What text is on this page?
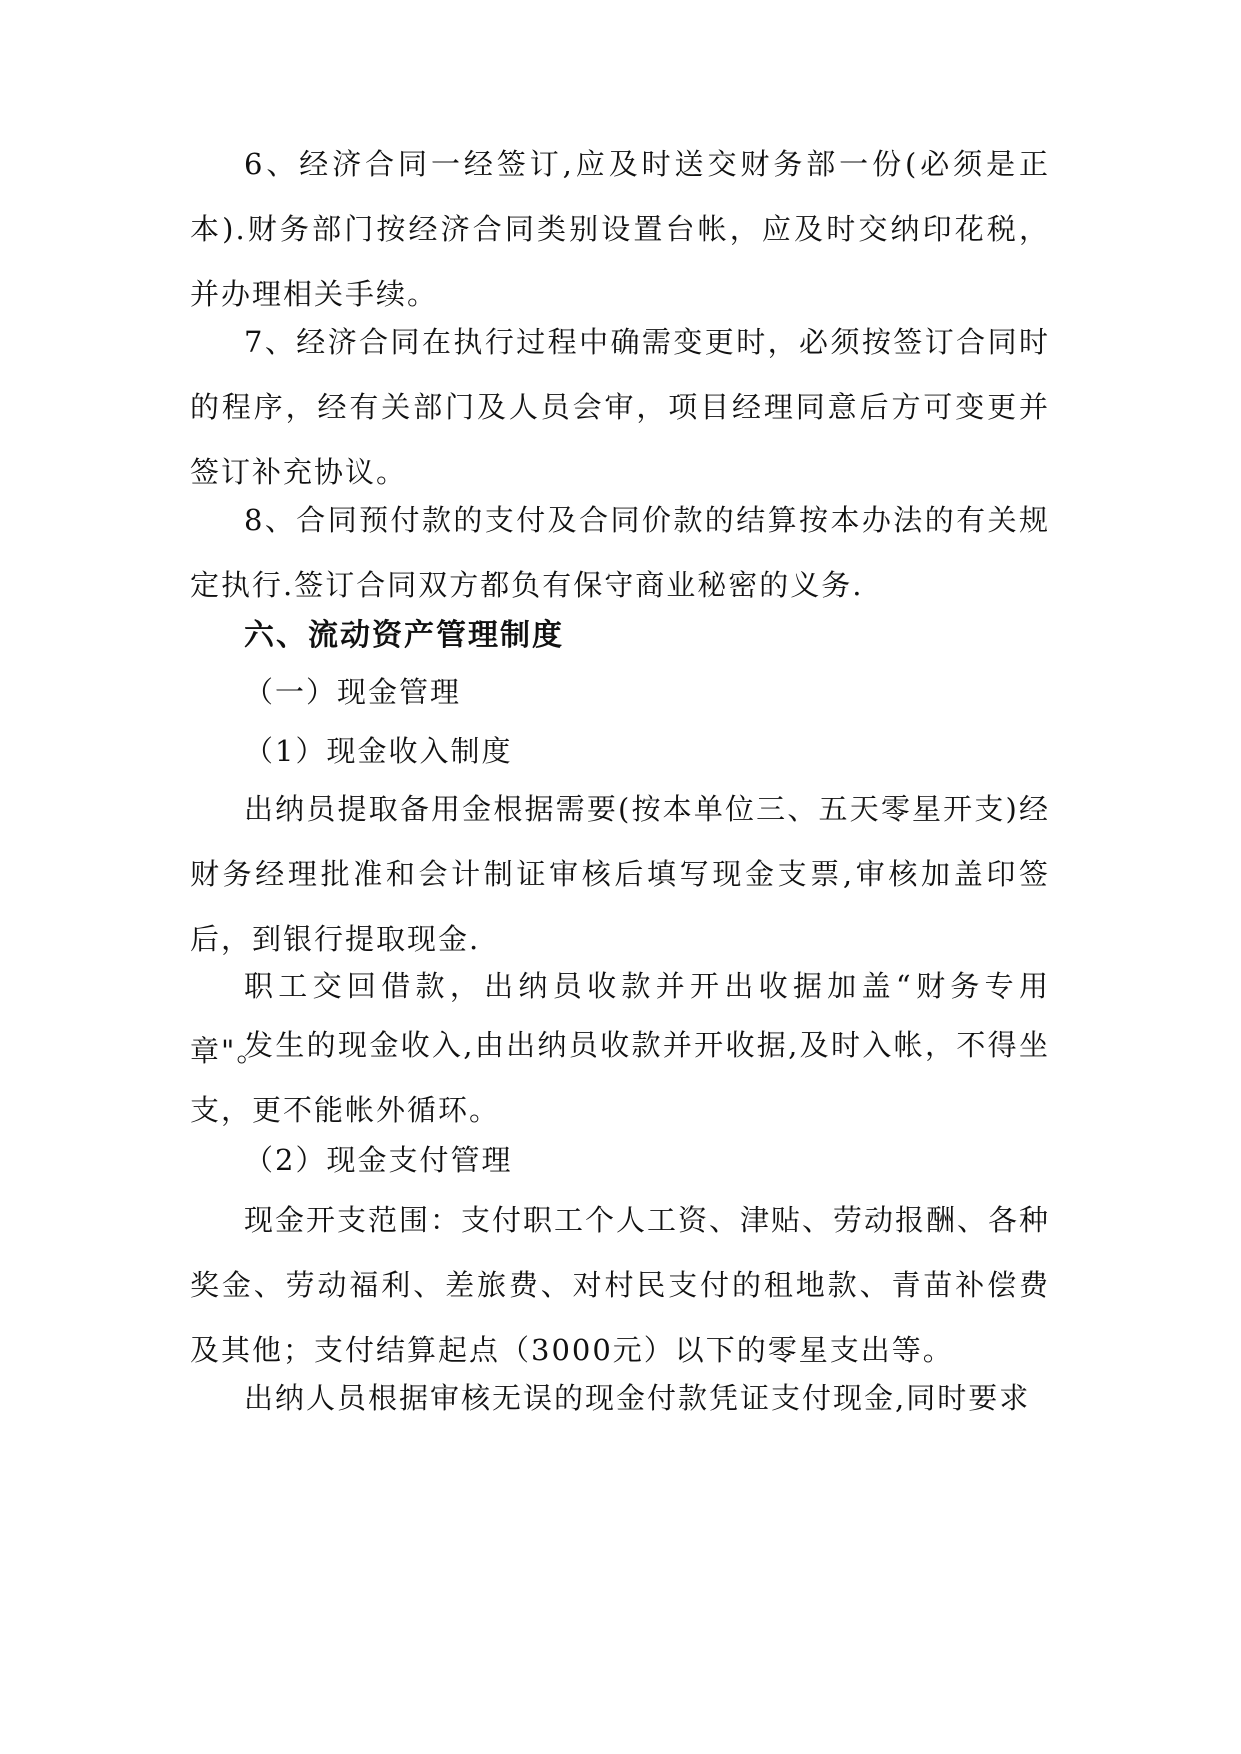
6、经济合同一经签订,应及时送交财务部一份(必须是正本).财务部门按经济合同类别设置台帐，应及时交纳印花税，并办理相关手续。

7、经济合同在执行过程中确需变更时，必须按签订合同时的程序，经有关部门及人员会审，项目经理同意后方可变更并签订补充协议。

8、合同预付款的支付及合同价款的结算按本办法的有关规定执行.签订合同双方都负有保守商业秘密的义务.

六、流动资产管理制度

（一）现金管理

（1）现金收入制度

出纳员提取备用金根据需要(按本单位三、五天零星开支)经财务经理批准和会计制证审核后填写现金支票,审核加盖印签后，到银行提取现金.

职工交回借款，出纳员收款并开出收据加盖“财务专用章"。

发生的现金收入,由出纳员收款并开收据,及时入帐，不得坐支，更不能帐外循环。

（2）现金支付管理

现金开支范围：支付职工个人工资、津贴、劳动报酬、各种奖金、劳动福利、差旅费、对村民支付的租地款、青苗补偿费及其他；支付结算起点（3000元）以下的零星支出等。

出纳人员根据审核无误的现金付款凭证支付现金,同时要求
